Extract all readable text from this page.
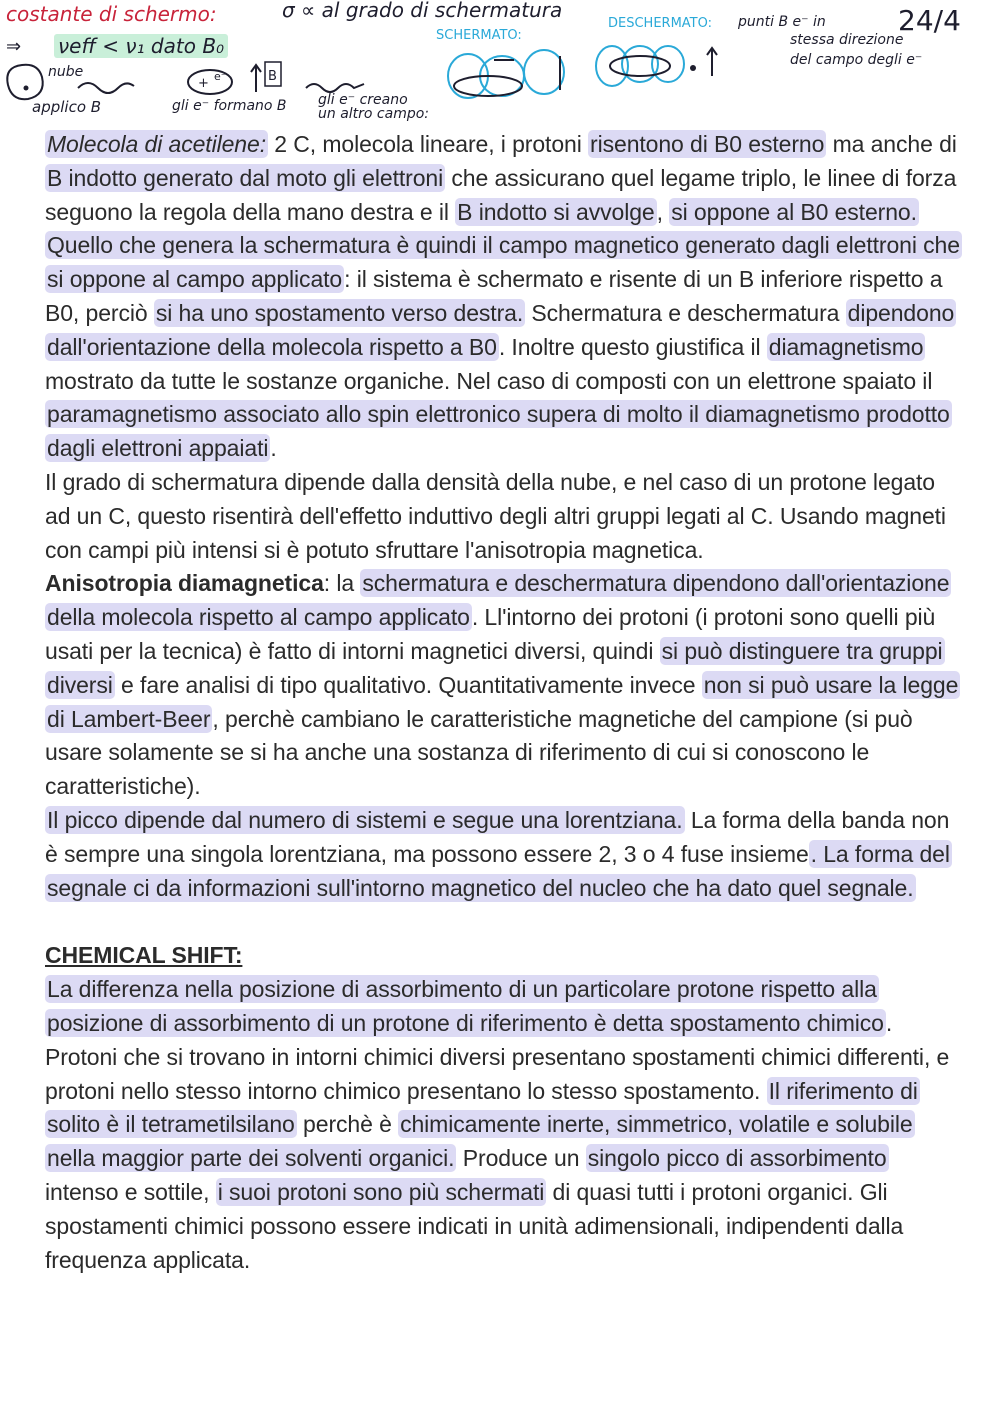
costante di schermo:	σ ∝ al grado di schermatura	24/4
⇒ νeff < ν₁ dato B₀
nube
applico B	gli e⁻ formano B gli e⁻ creano
un altro campo:
SCHERMATO:
DESCHERMATO: punti B e⁻ in
stessa direzione
del campo degli e⁻
+ e⁻	B

Molecola di acetilene: 2 C, molecola lineare, i protoni risentono di B0 esterno ma anche di B indotto generato dal moto gli elettroni che assicurano quel legame triplo, le linee di forza seguono la regola della mano destra e il B indotto si avvolge, si oppone al B0 esterno.

Quello che genera la schermatura è quindi il campo magnetico generato dagli elettroni che si oppone al campo applicato: il sistema è schermato e risente di un B inferiore rispetto a B0, perciò si ha uno spostamento verso destra. Schermatura e deschermatura dipendono dall'orientazione della molecola rispetto a B0. Inoltre questo giustifica il diamagnetismo mostrato da tutte le sostanze organiche. Nel caso di composti con un elettrone spaiato il paramagnetismo associato allo spin elettronico supera di molto il diamagnetismo prodotto dagli elettroni appaiati.

Il grado di schermatura dipende dalla densità della nube, e nel caso di un protone legato ad un C, questo risentirà dell'effetto induttivo degli altri gruppi legati al C. Usando magneti con campi più intensi si è potuto sfruttare l'anisotropia magnetica.

Anisotropia diamagnetica: la schermatura e deschermatura dipendono dall'orientazione della molecola rispetto al campo applicato. Ll'intorno dei protoni (i protoni sono quelli più usati per la tecnica) è fatto di intorni magnetici diversi, quindi si può distinguere tra gruppi diversi e fare analisi di tipo qualitativo. Quantitativamente invece non si può usare la legge di Lambert-Beer, perchè cambiano le caratteristiche magnetiche del campione (si può usare solamente se si ha anche una sostanza di riferimento di cui si conoscono le caratteristiche).

Il picco dipende dal numero di sistemi e segue una lorentziana. La forma della banda non è sempre una singola lorentziana, ma possono essere 2, 3 o 4 fuse insieme. La forma del segnale ci da informazioni sull'intorno magnetico del nucleo che ha dato quel segnale.

CHEMICAL SHIFT:

La differenza nella posizione di assorbimento di un particolare protone rispetto alla posizione di assorbimento di un protone di riferimento è detta spostamento chimico. Protoni che si trovano in intorni chimici diversi presentano spostamenti chimici differenti, e protoni nello stesso intorno chimico presentano lo stesso spostamento. Il riferimento di solito è il tetrametilsilano perchè è chimicamente inerte, simmetrico, volatile e solubile nella maggior parte dei solventi organici. Produce un singolo picco di assorbimento intenso e sottile, i suoi protoni sono più schermati di quasi tutti i protoni organici. Gli spostamenti chimici possono essere indicati in unità adimensionali, indipendenti dalla frequenza applicata.
